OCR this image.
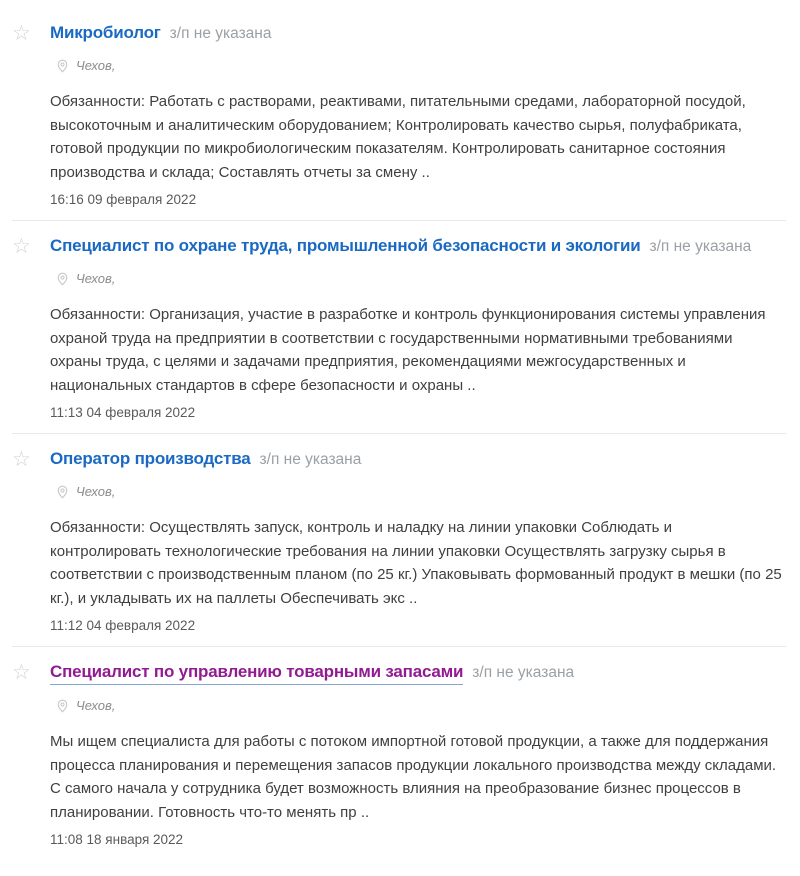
☆	Микробиолог з/п не указана
Чехов,

Обязанности: Работать с растворами, реактивами, питательными средами, лабораторной посудой, высокоточным и аналитическим оборудованием; Контролировать качество сырья, полуфабриката, готовой продукции по микробиологическим показателям. Контролировать санитарное состояния производства и склада; Составлять отчеты за смену ..

16:16 09 февраля 2022
☆	Специалист по охране труда, промышленной безопасности и экологии з/п не указана
Чехов,

Обязанности: Организация, участие в разработке и контроль функционирования системы управления охраной труда на предприятии в соответствии с государственными нормативными требованиями охраны труда, с целями и задачами предприятия, рекомендациями межгосударственных и национальных стандартов в сфере безопасности и охраны ..

11:13 04 февраля 2022
☆	Оператор производства з/п не указана
Чехов,

Обязанности: Осуществлять запуск, контроль и наладку на линии упаковки Соблюдать и контролировать технологические требования на линии упаковки Осуществлять загрузку сырья в соответствии с производственным планом (по 25 кг.) Упаковывать формованный продукт в мешки (по 25 кг.), и укладывать их на паллеты Обеспечивать экс ..

11:12 04 февраля 2022
☆	Специалист по управлению товарными запасами з/п не указана
Чехов,

Мы ищем специалиста для работы с потоком импортной готовой продукции, а также для поддержания процесса планирования и перемещения запасов продукции локального производства между складами. С самого начала у сотрудника будет возможность влияния на преобразование бизнес процессов в планировании. Готовность что-то менять пр ..

11:08 18 января 2022
